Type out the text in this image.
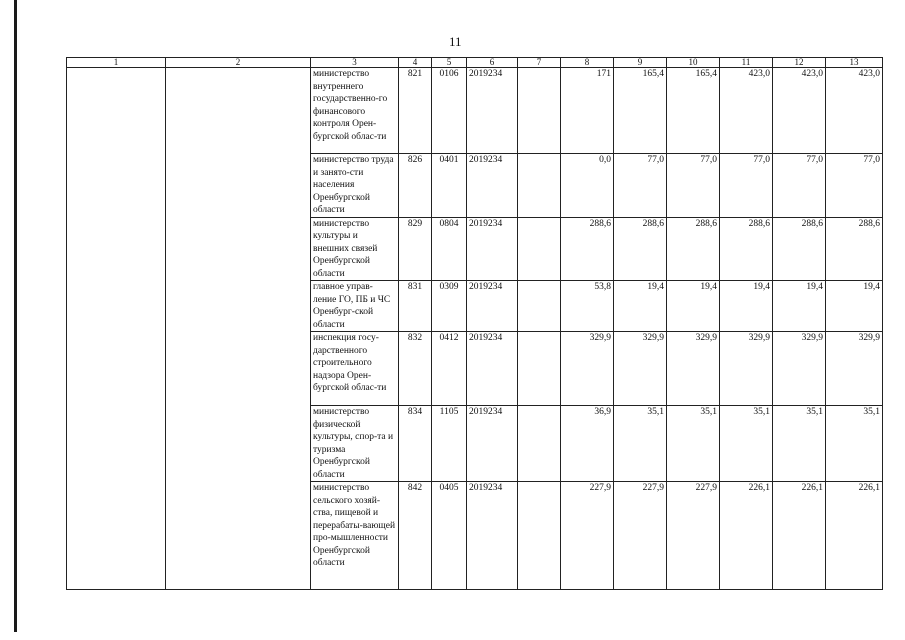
11
1	2	3	4	5	6	7	8	9	10	11	12	13
		министерство внутреннего государственно-го финансового контроля Орен-бургской облас-ти	821	0106	2019234		171	165,4	165,4	423,0	423,0	423,0
		министерство труда и занято-сти населения Оренбургской области	826	0401	2019234		0,0	77,0	77,0	77,0	77,0	77,0
		министерство культуры и внешних связей Оренбургской области	829	0804	2019234		288,6	288,6	288,6	288,6	288,6	288,6
		главное управ-ление ГО, ПБ и ЧС Оренбург-ской области	831	0309	2019234		53,8	19,4	19,4	19,4	19,4	19,4
		инспекция госу-дарственного строительного надзора Орен-бургской облас-ти	832	0412	2019234		329,9	329,9	329,9	329,9	329,9	329,9
		министерство физической культуры, спор-та и туризма Оренбургской области	834	1105	2019234		36,9	35,1	35,1	35,1	35,1	35,1
		министерство сельского хозяй-ства, пищевой и перерабаты-вающей про-мышленности Оренбургской области	842	0405	2019234		227,9	227,9	227,9	226,1	226,1	226,1
